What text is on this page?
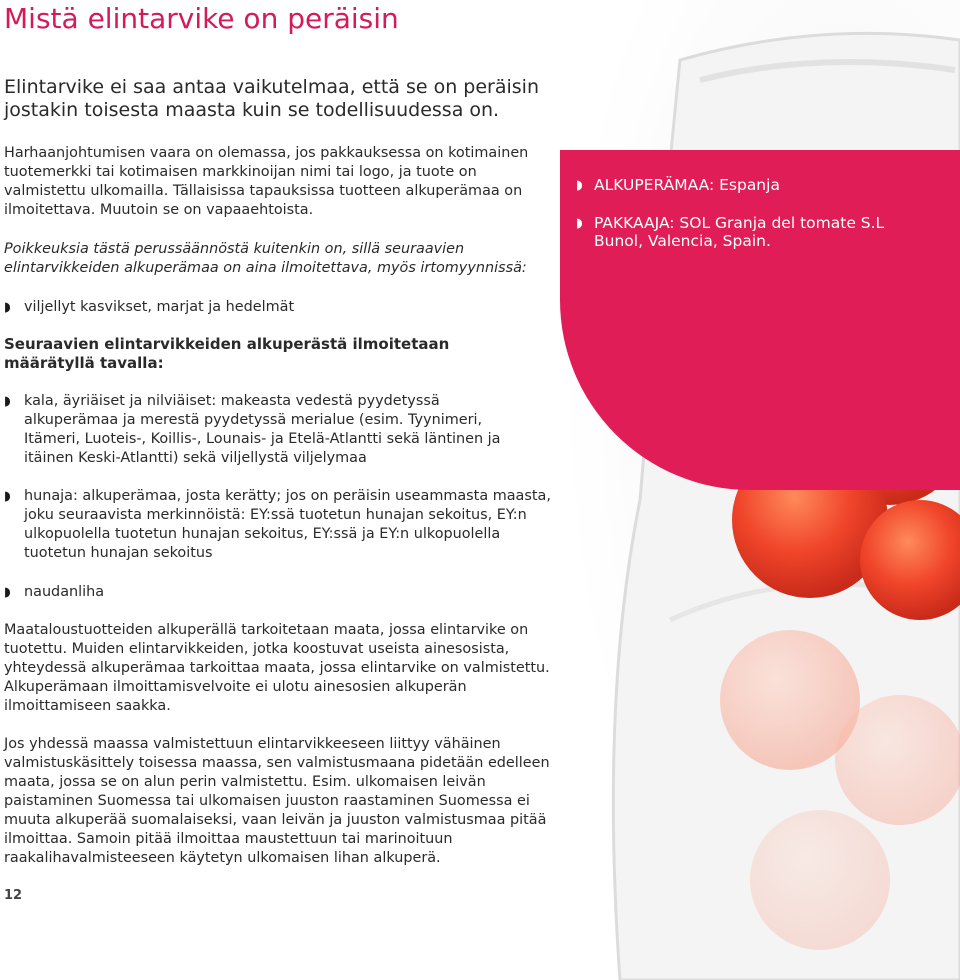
◗ ALKUPERÄMAA: Espanja

◗ PAKKAAJA: SOL Granja del tomate S.L Bunol, Valencia, Spain.

Mistä elintarvike on peräisin

Elintarvike ei saa antaa vaikutelmaa, että se on peräisin jostakin toisesta maasta kuin se todellisuudessa on.

Harhaanjohtumisen vaara on olemassa, jos pakkauksessa on kotimainen tuotemerkki tai kotimaisen markkinoijan nimi tai logo, ja tuote on valmistettu ulkomailla. Tällaisissa tapauksissa tuotteen alkuperämaa on ilmoitettava. Muutoin se on vapaaehtoista.

Poikkeuksia tästä perussäännöstä kuitenkin on, sillä seuraavien elintarvikkeiden alkuperämaa on aina ilmoitettava, myös irtomyynnissä:

◗ viljellyt kasvikset, marjat ja hedelmät

Seuraavien elintarvikkeiden alkuperästä ilmoitetaan määrätyllä tavalla:

◗ kala, äyriäiset ja nilviäiset: makeasta vedestä pyydetyssä alkuperämaa ja merestä pyydetyssä merialue (esim. Tyynimeri, Itämeri, Luoteis-, Koillis-, Lounais- ja Etelä-Atlantti sekä läntinen ja itäinen Keski-Atlantti) sekä viljellystä viljelymaa

◗ hunaja: alkuperämaa, josta kerätty; jos on peräisin useammasta maasta, joku seuraavista merkinnöistä: EY:ssä tuotetun hunajan sekoitus, EY:n ulkopuolella tuotetun hunajan sekoitus, EY:ssä ja EY:n ulkopuolella tuotetun hunajan sekoitus

◗ naudanliha

Maataloustuotteiden alkuperällä tarkoitetaan maata, jossa elintarvike on tuotettu. Muiden elintarvikkeiden, jotka koostuvat useista ainesosista, yhteydessä alkuperämaa tarkoittaa maata, jossa elintarvike on valmistettu. Alkuperämaan ilmoittamisvelvoite ei ulotu ainesosien alkuperän ilmoittamiseen saakka.

Jos yhdessä maassa valmistettuun elintarvikkeeseen liittyy vähäinen valmistuskäsittely toisessa maassa, sen valmistusmaana pidetään edelleen maata, jossa se on alun perin valmistettu. Esim. ulkomaisen leivän paistaminen Suomessa tai ulkomaisen juuston raastaminen Suomessa ei muuta alkuperää suomalaiseksi, vaan leivän ja juuston valmistusmaa pitää ilmoittaa. Samoin pitää ilmoittaa maustettuun tai marinoituun raakalihavalmisteeseen käytetyn ulkomaisen lihan alkuperä.

12
